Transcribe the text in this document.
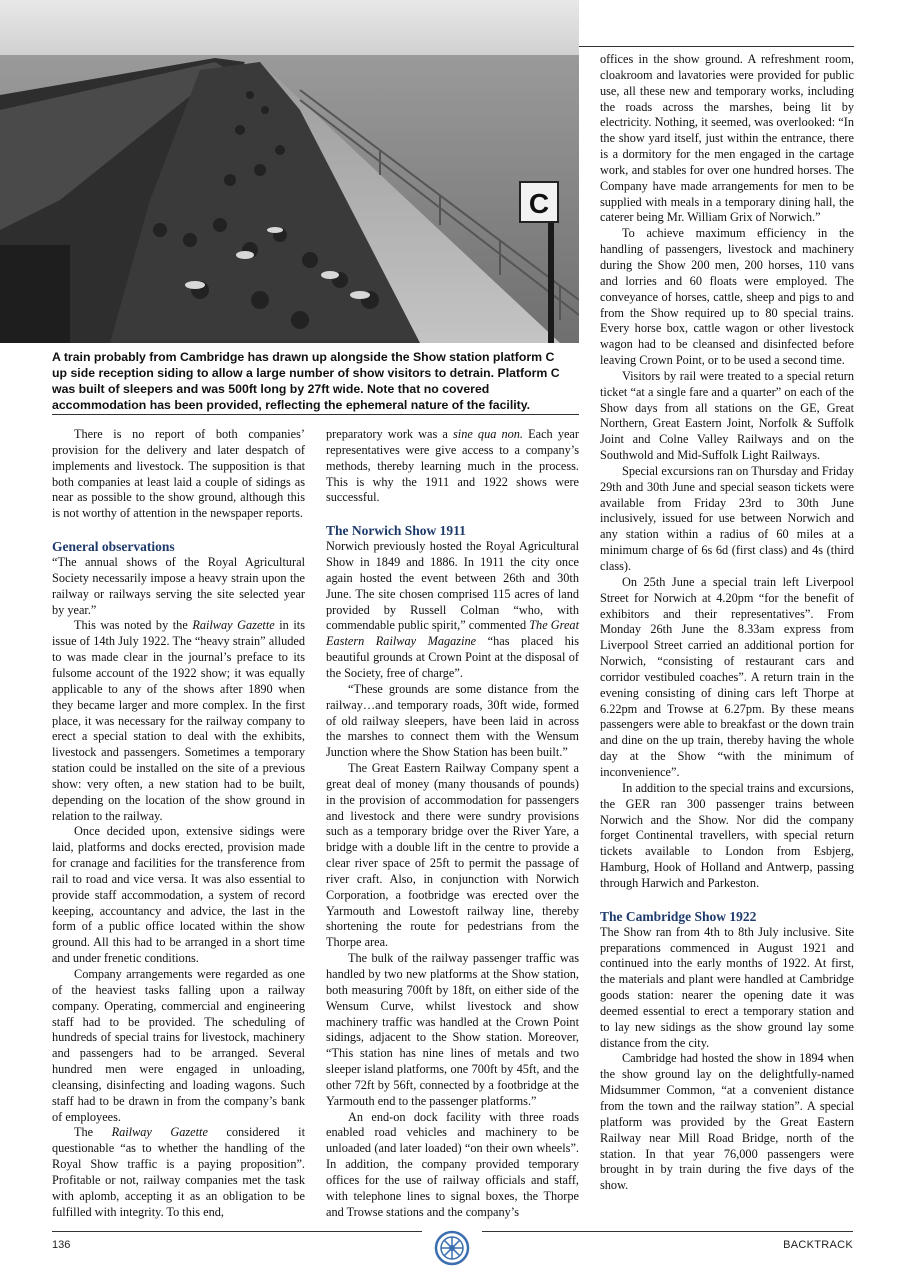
C
A train probably from Cambridge has drawn up alongside the Show station platform C up side reception siding to allow a large number of show visitors to detrain. Platform C was built of sleepers and was 500ft long by 27ft wide. Note that no covered accommodation has been provided, reflecting the ephemeral nature of the facility.

There is no report of both companies’ provision for the delivery and later despatch of implements and livestock. The supposition is that both companies at least laid a couple of sidings as near as possible to the show ground, although this is not worthy of attention in the newspaper reports.

General observations

“The annual shows of the Royal Agricultural Society necessarily impose a heavy strain upon the railway or railways serving the site selected year by year.”

This was noted by the Railway Gazette in its issue of 14th July 1922. The “heavy strain” alluded to was made clear in the journal’s preface to its fulsome account of the 1922 show; it was equally applicable to any of the shows after 1890 when they became larger and more complex. In the first place, it was necessary for the railway company to erect a special station to deal with the exhibits, livestock and passengers. Sometimes a temporary station could be installed on the site of a previous show: very often, a new station had to be built, depending on the location of the show ground in relation to the railway.

Once decided upon, extensive sidings were laid, platforms and docks erected, provision made for cranage and facilities for the transference from rail to road and vice versa. It was also essential to provide staff accommodation, a system of record keeping, accountancy and advice, the last in the form of a public office located within the show ground. All this had to be arranged in a short time and under frenetic conditions.

Company arrangements were regarded as one of the heaviest tasks falling upon a railway company. Operating, commercial and engineering staff had to be provided. The scheduling of hundreds of special trains for livestock, machinery and passengers had to be arranged. Several hundred men were engaged in unloading, cleansing, disinfecting and loading wagons. Such staff had to be drawn in from the company’s bank of employees.

The Railway Gazette considered it questionable “as to whether the handling of the Royal Show traffic is a paying proposition”. Profitable or not, railway companies met the task with aplomb, accepting it as an obligation to be fulfilled with integrity. To this end,

preparatory work was a sine qua non. Each year representatives were give access to a company’s methods, thereby learning much in the process. This is why the 1911 and 1922 shows were successful.

The Norwich Show 1911

Norwich previously hosted the Royal Agricultural Show in 1849 and 1886. In 1911 the city once again hosted the event between 26th and 30th June. The site chosen comprised 115 acres of land provided by Russell Colman “who, with commendable public spirit,” commented The Great Eastern Railway Magazine “has placed his beautiful grounds at Crown Point at the disposal of the Society, free of charge”.

“These grounds are some distance from the railway…and temporary roads, 30ft wide, formed of old railway sleepers, have been laid in across the marshes to connect them with the Wensum Junction where the Show Station has been built.”

The Great Eastern Railway Company spent a great deal of money (many thousands of pounds) in the provision of accommodation for passengers and livestock and there were sundry provisions such as a temporary bridge over the River Yare, a bridge with a double lift in the centre to provide a clear river space of 25ft to permit the passage of river craft. Also, in conjunction with Norwich Corporation, a footbridge was erected over the Yarmouth and Lowestoft railway line, thereby shortening the route for pedestrians from the Thorpe area.

The bulk of the railway passenger traffic was handled by two new platforms at the Show station, both measuring 700ft by 18ft, on either side of the Wensum Curve, whilst livestock and show machinery traffic was handled at the Crown Point sidings, adjacent to the Show station. Moreover, “This station has nine lines of metals and two sleeper island platforms, one 700ft by 45ft, and the other 72ft by 56ft, connected by a footbridge at the Yarmouth end to the passenger platforms.”

An end-on dock facility with three roads enabled road vehicles and machinery to be unloaded (and later loaded) “on their own wheels”. In addition, the company provided temporary offices for the use of railway officials and staff, with telephone lines to signal boxes, the Thorpe and Trowse stations and the company’s

offices in the show ground. A refreshment room, cloakroom and lavatories were provided for public use, all these new and temporary works, including the roads across the marshes, being lit by electricity. Nothing, it seemed, was overlooked: “In the show yard itself, just within the entrance, there is a dormitory for the men engaged in the cartage work, and stables for over one hundred horses. The Company have made arrangements for men to be supplied with meals in a temporary dining hall, the caterer being Mr. William Grix of Norwich.”

To achieve maximum efficiency in the handling of passengers, livestock and machinery during the Show 200 men, 200 horses, 110 vans and lorries and 60 floats were employed. The conveyance of horses, cattle, sheep and pigs to and from the Show required up to 80 special trains. Every horse box, cattle wagon or other livestock wagon had to be cleansed and disinfected before leaving Crown Point, or to be used a second time.

Visitors by rail were treated to a special return ticket “at a single fare and a quarter” on each of the Show days from all stations on the GE, Great Northern, Great Eastern Joint, Norfolk & Suffolk Joint and Colne Valley Railways and on the Southwold and Mid-Suffolk Light Railways.

Special excursions ran on Thursday and Friday 29th and 30th June and special season tickets were available from Friday 23rd to 30th June inclusively, issued for use between Norwich and any station within a radius of 60 miles at a minimum charge of 6s 6d (first class) and 4s (third class).

On 25th June a special train left Liverpool Street for Norwich at 4.20pm “for the benefit of exhibitors and their representatives”. From Monday 26th June the 8.33am express from Liverpool Street carried an additional portion for Norwich, “consisting of restaurant cars and corridor vestibuled coaches”. A return train in the evening consisting of dining cars left Thorpe at 6.22pm and Trowse at 6.27pm. By these means passengers were able to breakfast or the down train and dine on the up train, thereby having the whole day at the Show “with the minimum of inconvenience”.

In addition to the special trains and excursions, the GER ran 300 passenger trains between Norwich and the Show. Nor did the company forget Continental travellers, with special return tickets available to London from Esbjerg, Hamburg, Hook of Holland and Antwerp, passing through Harwich and Parkeston.

The Cambridge Show 1922

The Show ran from 4th to 8th July inclusive. Site preparations commenced in August 1921 and continued into the early months of 1922. At first, the materials and plant were handled at Cambridge goods station: nearer the opening date it was deemed essential to erect a temporary station and to lay new sidings as the show ground lay some distance from the city.

Cambridge had hosted the show in 1894 when the show ground lay on the delightfully-named Midsummer Common, “at a convenient distance from the town and the railway station”. A special platform was provided by the Great Eastern Railway near Mill Road Bridge, north of the station. In that year 76,000 passengers were brought in by train during the five days of the show.

136	BACKTRACK
